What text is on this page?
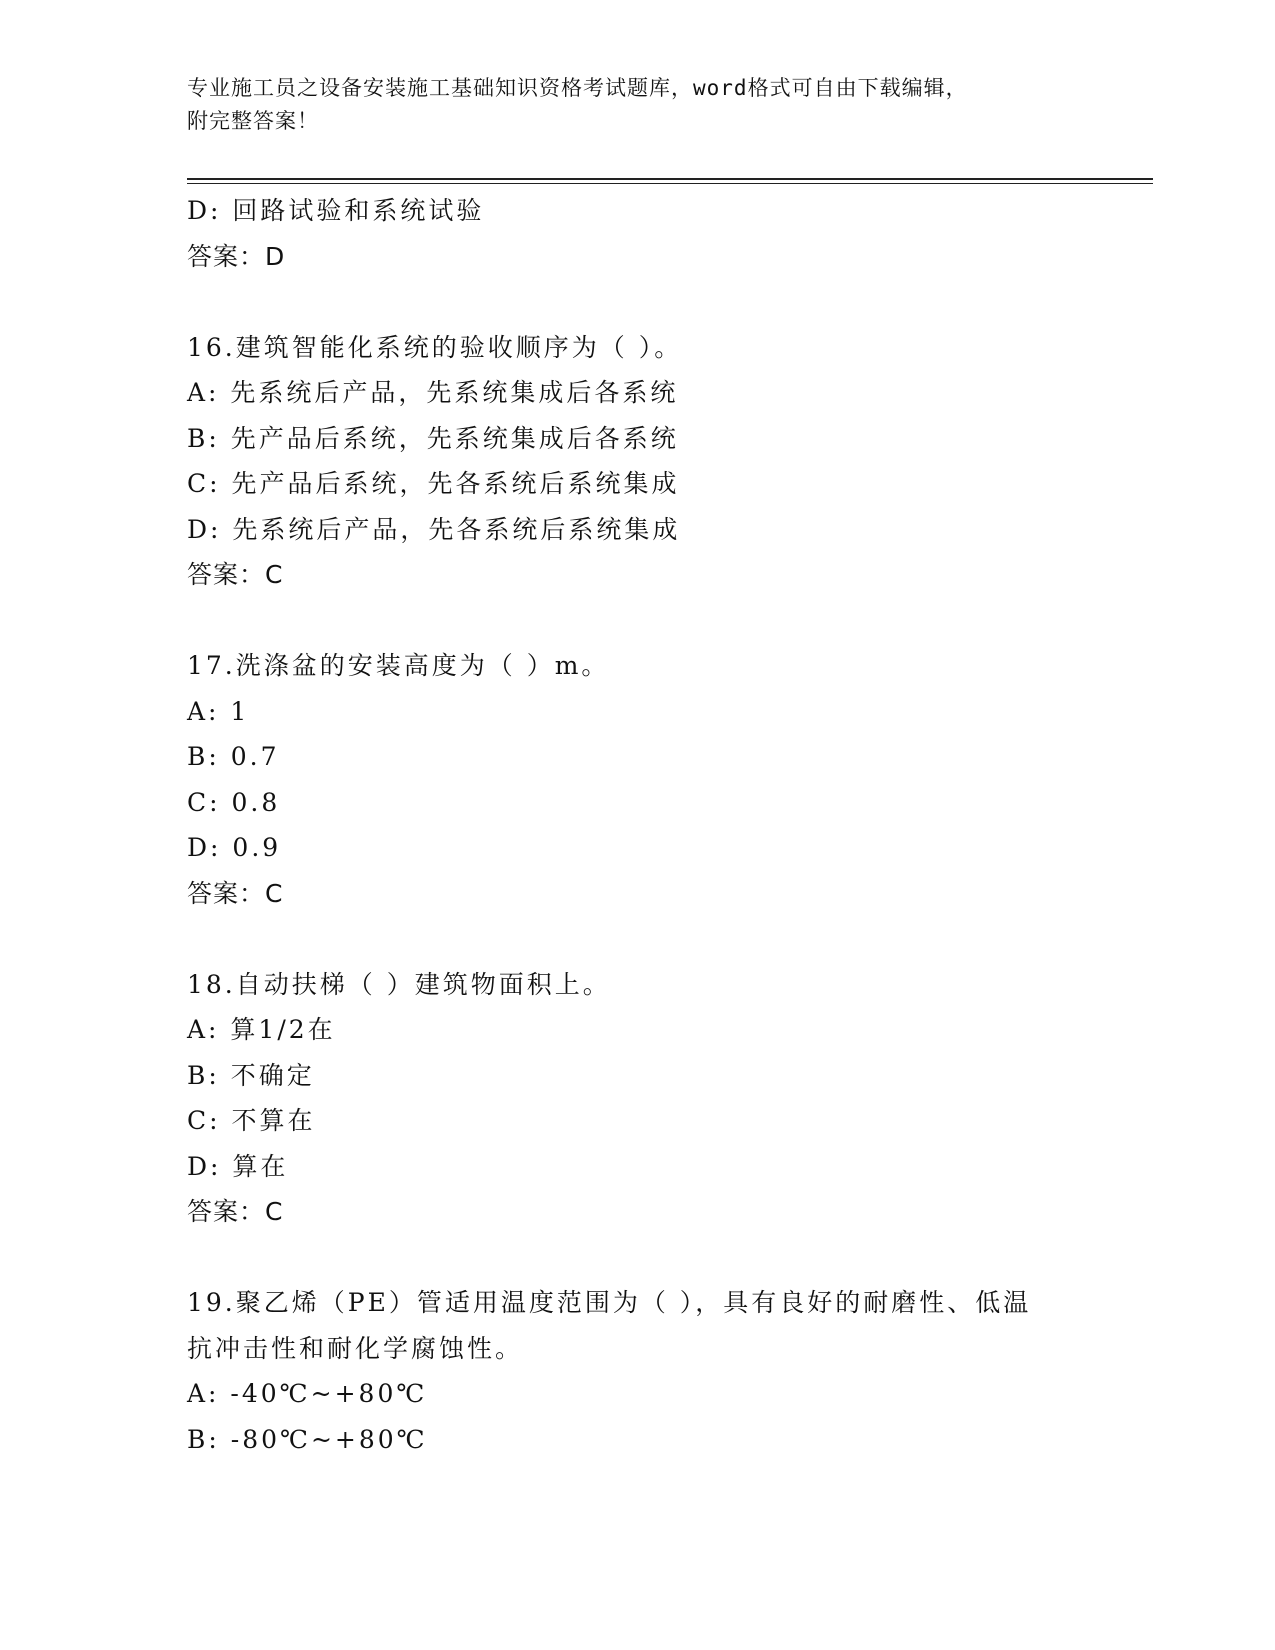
专业施工员之设备安装施工基础知识资格考试题库，word格式可自由下载编辑，
附完整答案！
D: 回路试验和系统试验
答案：D
16.建筑智能化系统的验收顺序为（ ）。
A: 先系统后产品，先系统集成后各系统
B: 先产品后系统，先系统集成后各系统
C: 先产品后系统，先各系统后系统集成
D: 先系统后产品，先各系统后系统集成
答案：C
17.洗涤盆的安装高度为（ ）m。
A: 1
B: 0.7
C: 0.8
D: 0.9
答案：C
18.自动扶梯（ ）建筑物面积上。
A: 算1/2在
B: 不确定
C: 不算在
D: 算在
答案：C
19.聚乙烯（PE）管适用温度范围为（ ），具有良好的耐磨性、低温
抗冲击性和耐化学腐蚀性。
A: -40℃~+80℃
B: -80℃~+80℃
